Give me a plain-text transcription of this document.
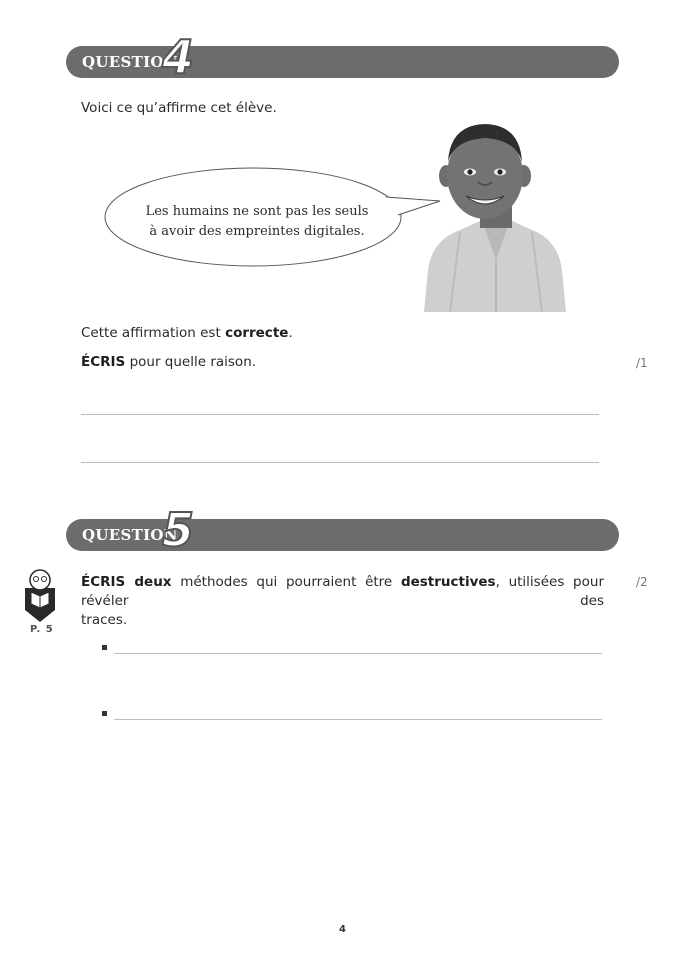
QUESTION
4
Voici ce qu’affirme cet élève.
Les humains ne sont pas les seuls
à avoir des empreintes digitales.
Cette affirmation est correcte.
ÉCRIS pour quelle raison.	/1
QUESTION
5
P. 5
ÉCRIS deux méthodes qui pourraient être destructives, utilisées pour révéler des
traces.
/2
4
